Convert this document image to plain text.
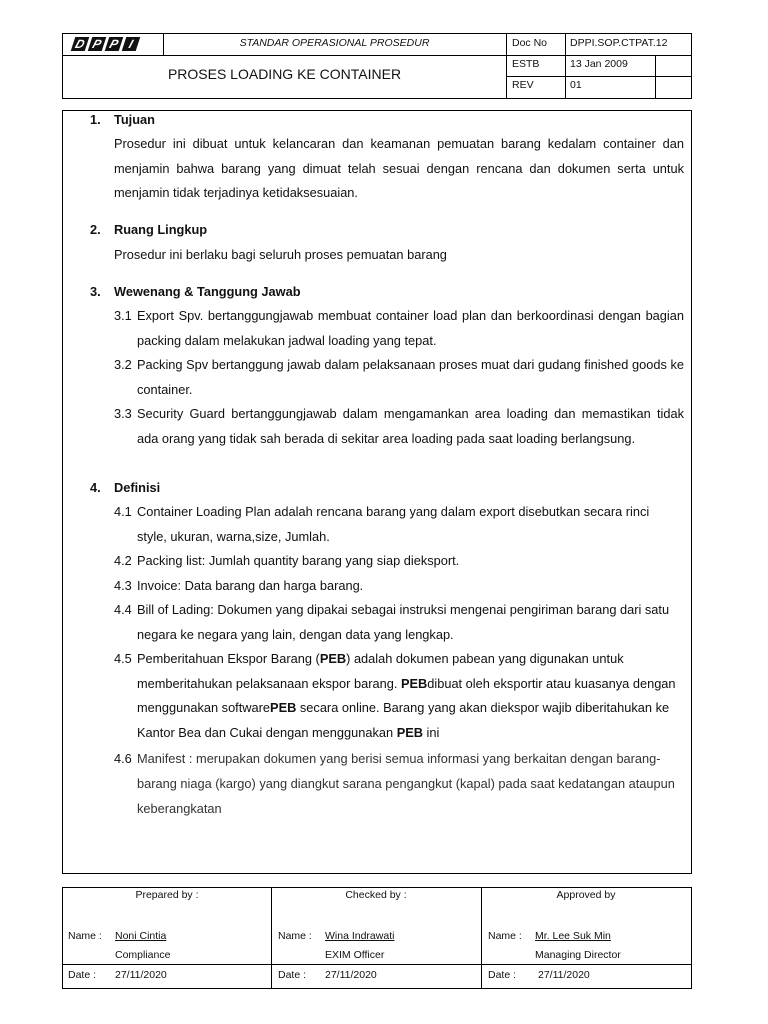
D P P I	STANDAR OPERASIONAL PROSEDUR
PROSES LOADING KE CONTAINER
Doc No DPPI.SOP.CTPAT.12
ESTB	13 Jan 2009
REV	01
1. Tujuan
Prosedur ini dibuat untuk kelancaran dan keamanan pemuatan barang kedalam container dan
menjamin bahwa barang yang dimuat telah sesuai dengan rencana dan dokumen serta untuk
menjamin tidak terjadinya ketidaksesuaian.
2. Ruang Lingkup
Prosedur ini berlaku bagi seluruh proses pemuatan barang
3. Wewenang & Tanggung Jawab
3.1 Export Spv. bertanggungjawab membuat container load plan dan berkoordinasi dengan bagian
packing dalam melakukan jadwal loading yang tepat.
3.2 Packing Spv bertanggung jawab dalam pelaksanaan proses muat dari gudang finished goods ke
container.
3.3 Security Guard bertanggungjawab dalam mengamankan area loading dan memastikan tidak
ada orang yang tidak sah berada di sekitar area loading pada saat loading berlangsung.
4. Definisi
4.1 Container Loading Plan adalah rencana barang yang dalam export disebutkan secara rinci
style, ukuran, warna,size, Jumlah.
4.2 Packing list: Jumlah quantity barang yang siap dieksport.
4.3 Invoice: Data barang dan harga barang.
4.4 Bill of Lading: Dokumen yang dipakai sebagai instruksi mengenai pengiriman barang dari satu
negara ke negara yang lain, dengan data yang lengkap.
4.5 Pemberitahuan Ekspor Barang (PEB) adalah dokumen pabean yang digunakan untuk
memberitahukan pelaksanaan ekspor barang. PEBdibuat oleh eksportir atau kuasanya dengan
menggunakan softwarePEB secara online. Barang yang akan diekspor wajib diberitahukan ke
Kantor Bea dan Cukai dengan menggunakan PEB ini
4.6 Manifest : merupakan dokumen yang berisi semua informasi yang berkaitan dengan barang-
barang niaga (kargo) yang diangkut sarana pengangkut (kapal) pada saat kedatangan ataupun
keberangkatan
Prepared by :
Name : Noni Cintia
Compliance
Date : 27/11/2020
Checked by :
Name : Wina Indrawati
EXIM Officer
Date : 27/11/2020
Approved by
Name : Mr. Lee Suk Min
Managing Director
Date : 27/11/2020
